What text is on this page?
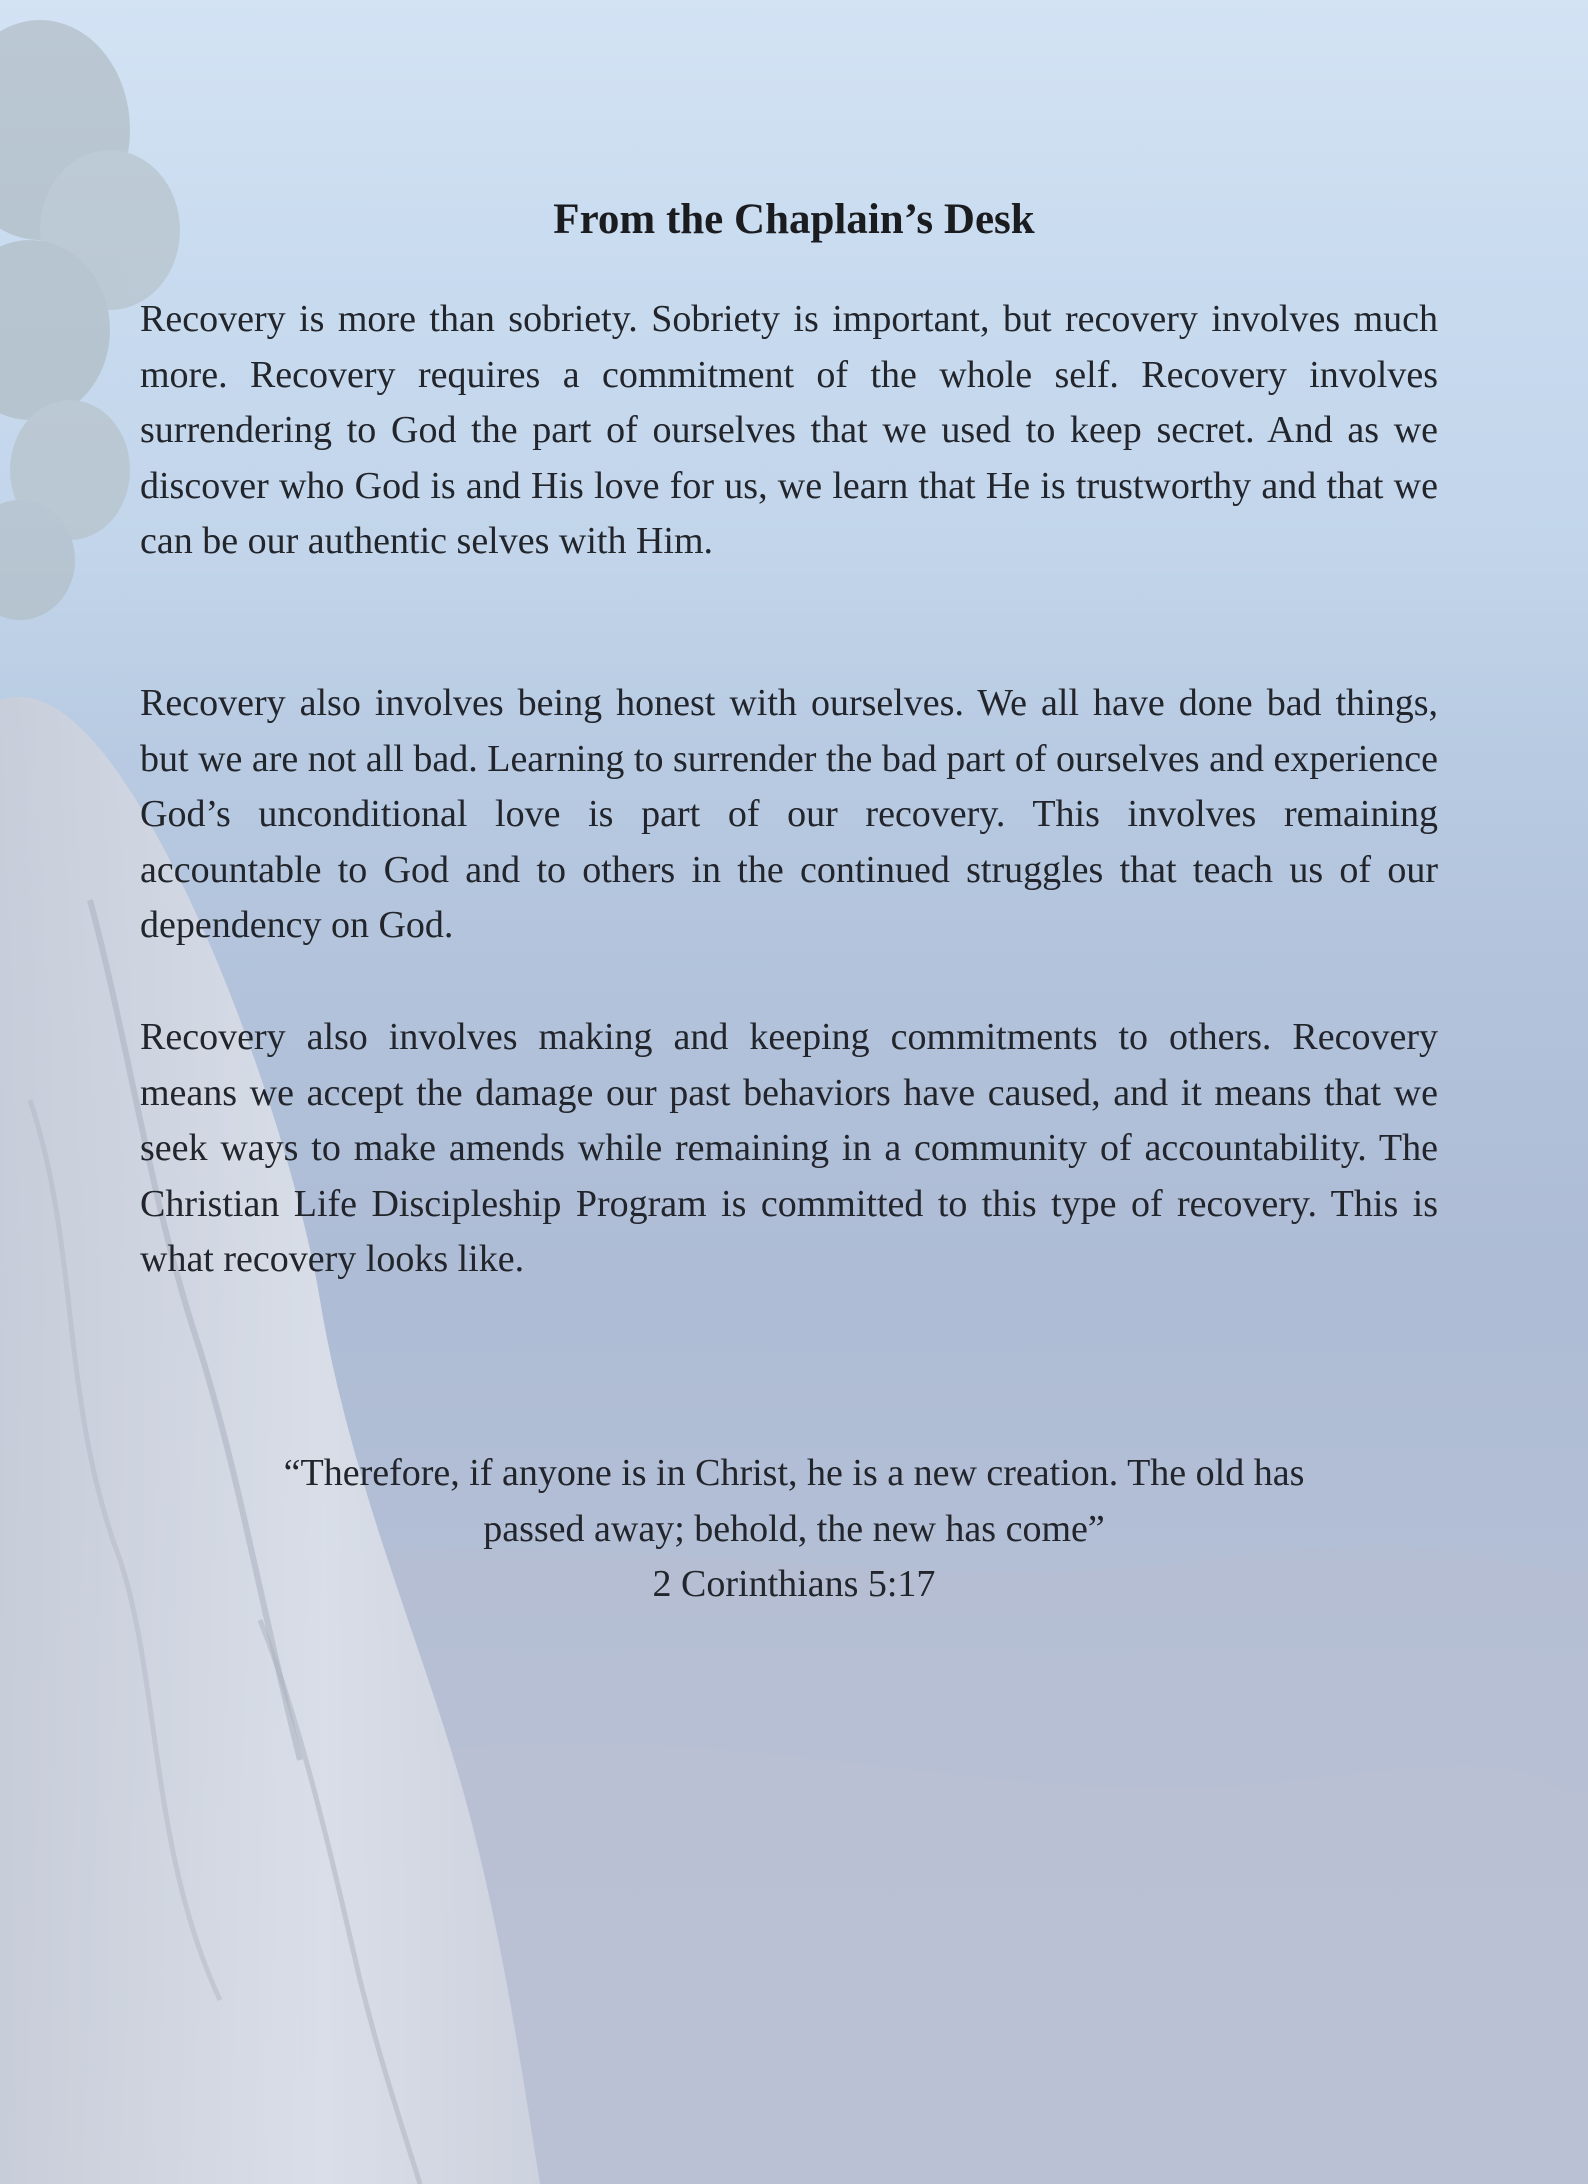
From the Chaplain’s Desk

Recovery is more than sobriety. Sobriety is important, but recovery involves much more. Recovery requires a commitment of the whole self. Recovery involves surrendering to God the part of ourselves that we used to keep secret. And as we discover who God is and His love for us, we learn that He is trustworthy and that we can be our authentic selves with Him.

Recovery also involves being honest with ourselves. We all have done bad things, but we are not all bad. Learning to surrender the bad part of ourselves and experience God’s unconditional love is part of our recovery. This involves remaining accountable to God and to others in the continued struggles that teach us of our dependency on God.

Recovery also involves making and keeping commitments to others. Recovery means we accept the damage our past behaviors have caused, and it means that we seek ways to make amends while remaining in a community of accountability. The Christian Life Discipleship Program is committed to this type of recovery. This is what recovery looks like.

“Therefore, if anyone is in Christ, he is a new creation. The old has passed away; behold, the new has come”

2 Corinthians 5:17
